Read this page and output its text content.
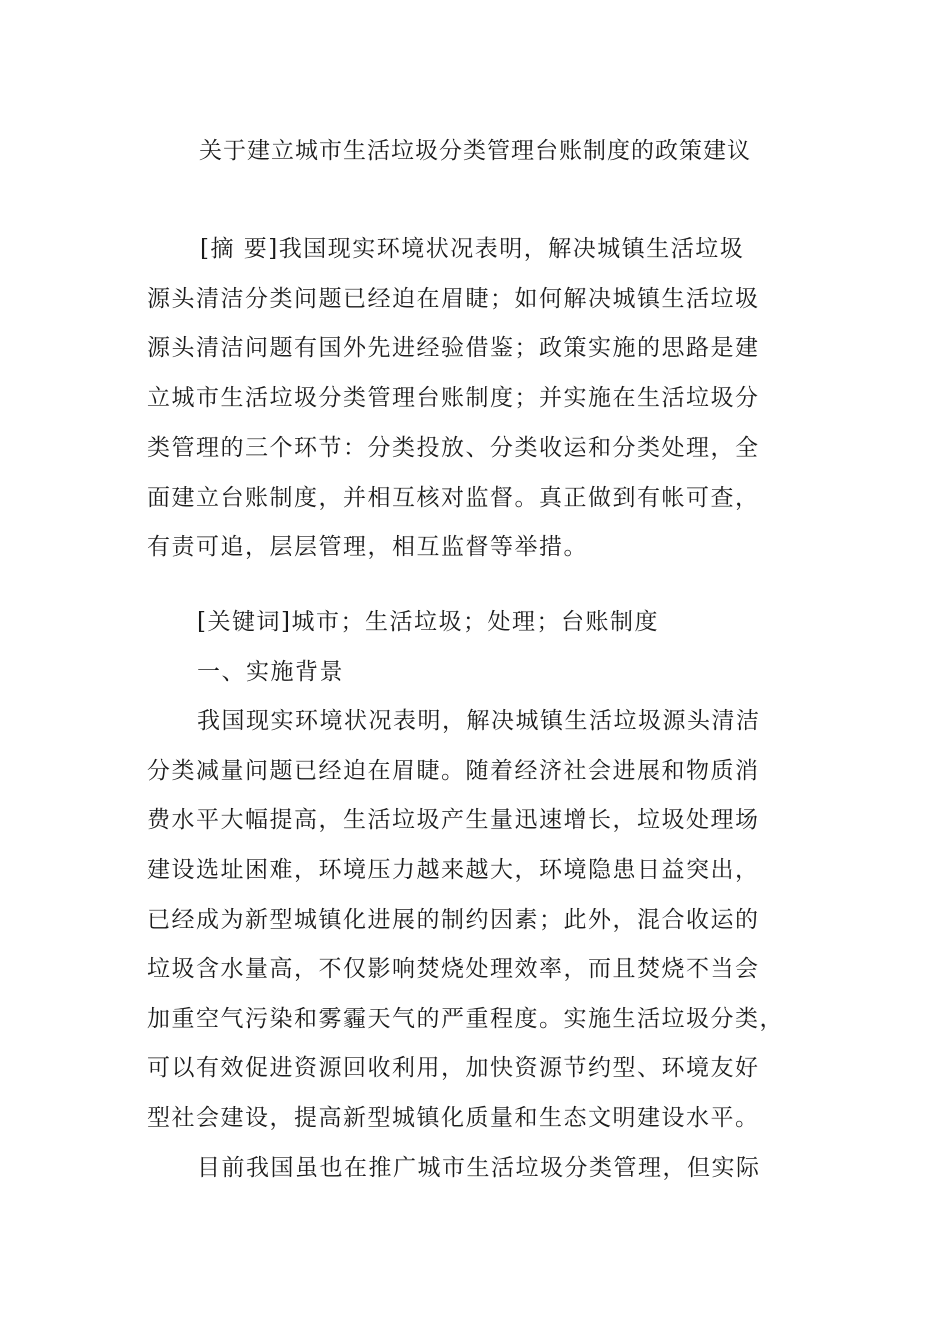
关于建立城市生活垃圾分类管理台账制度的政策建议
[摘 要]我国现实环境状况表明，解决城镇生活垃圾
源头清洁分类问题已经迫在眉睫；如何解决城镇生活垃圾
源头清洁问题有国外先进经验借鉴；政策实施的思路是建
立城市生活垃圾分类管理台账制度；并实施在生活垃圾分
类管理的三个环节：分类投放、分类收运和分类处理，全
面建立台账制度，并相互核对监督。真正做到有帐可查，
有责可追，层层管理，相互监督等举措。
[关键词]城市；生活垃圾；处理；台账制度
一、实施背景
我国现实环境状况表明，解决城镇生活垃圾源头清洁
分类减量问题已经迫在眉睫。随着经济社会进展和物质消
费水平大幅提高，生活垃圾产生量迅速增长，垃圾处理场
建设选址困难，环境压力越来越大，环境隐患日益突出，
已经成为新型城镇化进展的制约因素；此外，混合收运的
垃圾含水量高，不仅影响焚烧处理效率，而且焚烧不当会
加重空气污染和雾霾天气的严重程度。实施生活垃圾分类，
可以有效促进资源回收利用，加快资源节约型、环境友好
型社会建设，提高新型城镇化质量和生态文明建设水平。
目前我国虽也在推广城市生活垃圾分类管理，但实际
